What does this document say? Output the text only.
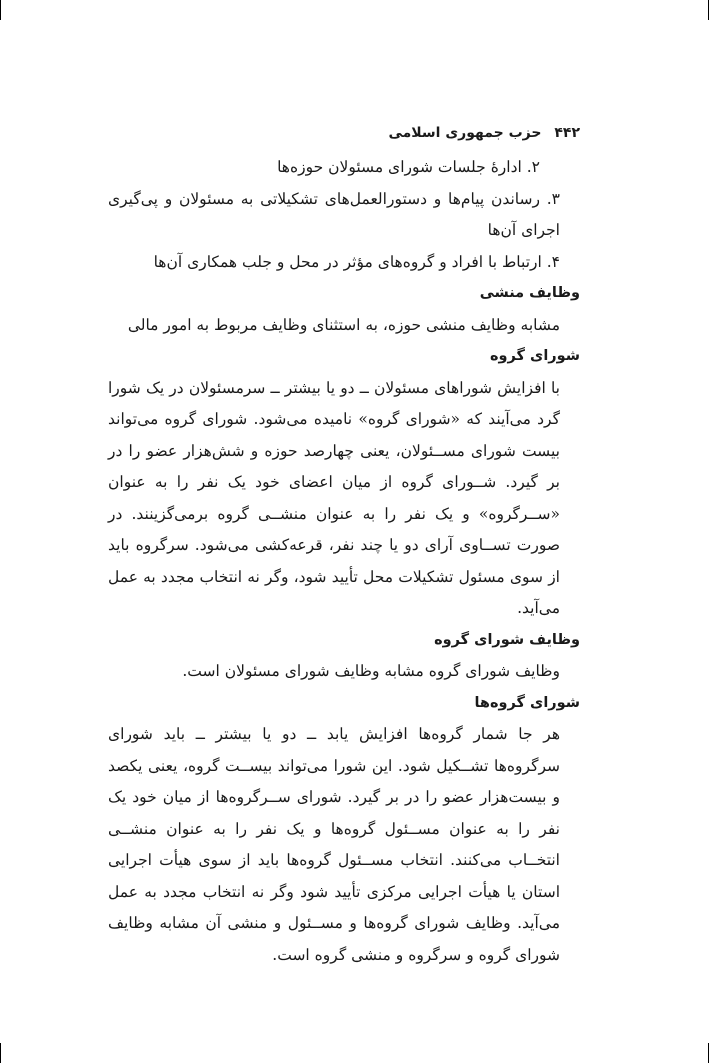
۴۴۲ حزب جمهوری اسلامی
۲. ادارهٔ جلسات شورای مسئولان حوزه‌ها

۳. رساندن پیام‌ها و دستورالعمل‌های تشکیلاتی به مسئولان و پی‌گیری اجرای آن‌ها

۴. ارتباط با افراد و گروه‌های مؤثر در محل و جلب همکاری آن‌ها
وظایف منشی

مشابه وظایف منشی حوزه، به استثنای وظایف مربوط به امور مالی

شورای گروه

با افزایش شوراهای مسئولان ــ دو یا بیشتر ــ سرمسئولان در یک شورا گرد می‌آیند که «شورای گروه» نامیده می‌شود. شورای گروه می‌تواند بیست شورای مســئولان، یعنی چهارصد حوزه و شش‌هزار عضو را در بر گیرد. شــورای گروه از میان اعضای خود یک نفر را به عنوان «ســرگروه» و یک نفر را به عنوان منشــی گروه برمی‌گزینند. در صورت تســاوی آرای دو یا چند نفر، قرعه‌کشی می‌شود. سرگروه باید از سوی مسئول تشکیلات محل تأیید شود، وگر نه انتخاب مجدد به عمل می‌آید.

وظایف شورای گروه

وظایف شورای گروه مشابه وظایف شورای مسئولان است.

شورای گروه‌ها

هر جا شمار گروه‌ها افزایش یابد ــ دو یا بیشتر ــ باید شورای سرگروه‌ها تشــکیل شود. این شورا می‌تواند بیســت گروه، یعنی یکصد و بیست‌هزار عضو را در بر گیرد. شورای ســرگروه‌ها از میان خود یک نفر را به عنوان مســئول گروه‌ها و یک نفر را به عنوان منشــی انتخــاب می‌کنند. انتخاب مســئول گروه‌ها باید از سوی هیأت اجرایی استان یا هیأت اجرایی مرکزی تأیید شود وگر نه انتخاب مجدد به عمل می‌آید. وظایف شورای گروه‌ها و مســئول و منشی آن مشابه وظایف شورای گروه و سرگروه و منشی گروه است.
